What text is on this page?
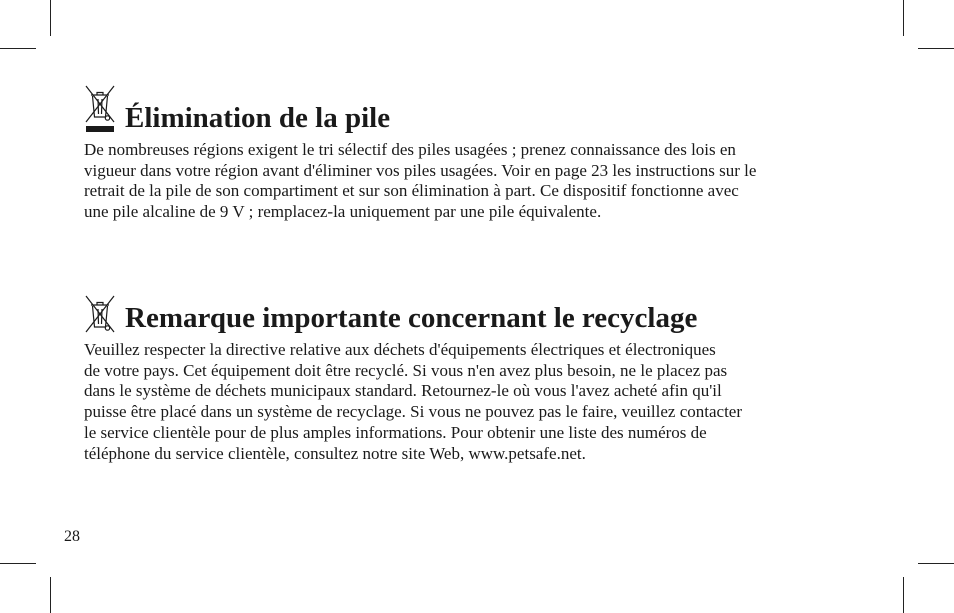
Élimination de la pile

De nombreuses régions exigent le tri sélectif des piles usagées ; prenez connaissance des lois en
vigueur dans votre région avant d'éliminer vos piles usagées. Voir en page 23 les instructions sur le
retrait de la pile de son compartiment et sur son élimination à part. Ce dispositif fonctionne avec
une pile alcaline de 9 V ; remplacez-la uniquement par une pile équivalente.

Remarque importante concernant le recyclage

Veuillez respecter la directive relative aux déchets d'équipements électriques et électroniques
de votre pays. Cet équipement doit être recyclé. Si vous n'en avez plus besoin, ne le placez pas
dans le système de déchets municipaux standard. Retournez-le où vous l'avez acheté afin qu'il
puisse être placé dans un système de recyclage. Si vous ne pouvez pas le faire, veuillez contacter
le service clientèle pour de plus amples informations. Pour obtenir une liste des numéros de
téléphone du service clientèle, consultez notre site Web, www.petsafe.net.

28
